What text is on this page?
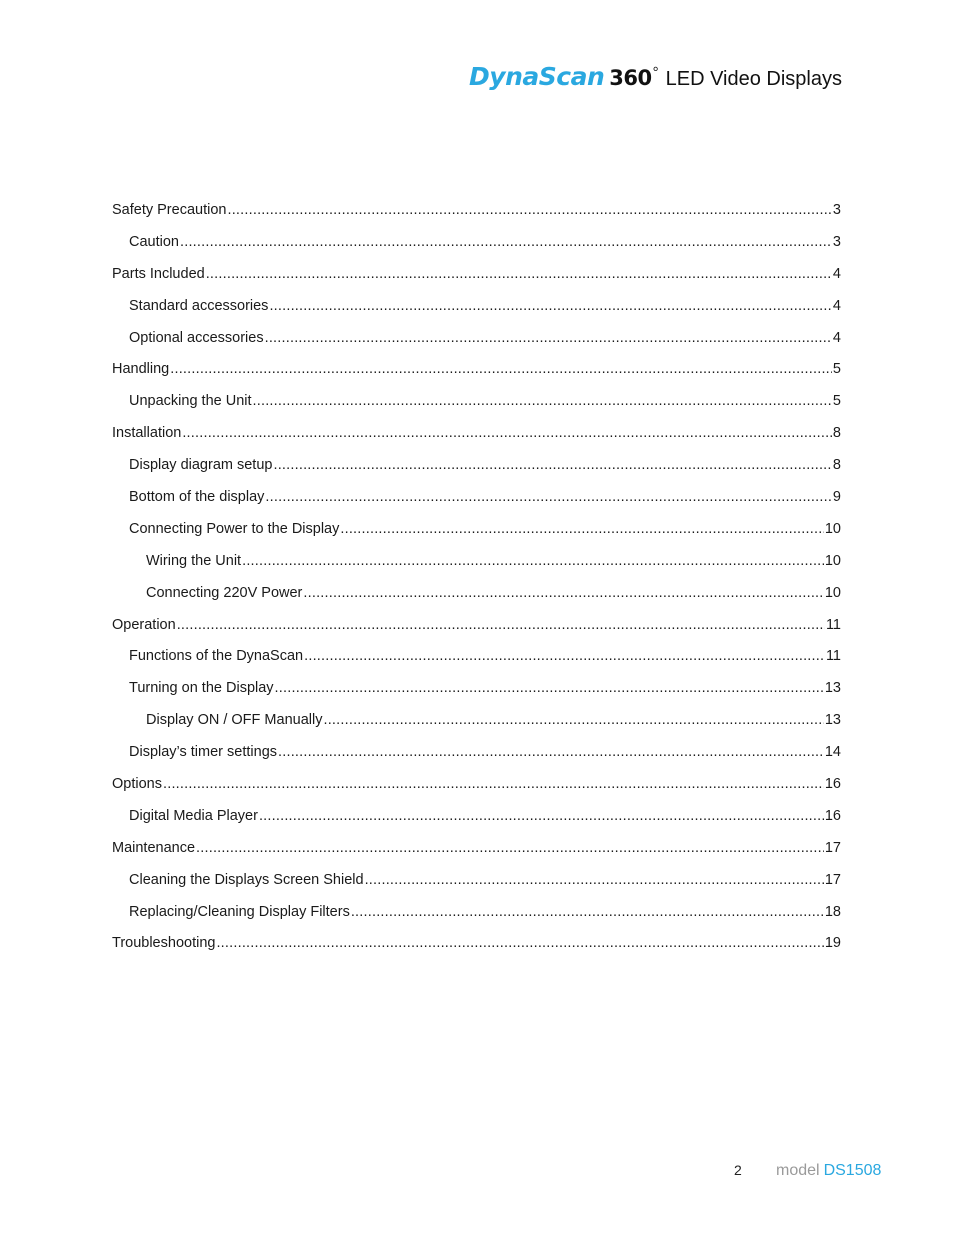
DynaScan 360 ° LED Video Displays
Safety Precaution .....	3
Caution .....	3
Parts Included .....	4
Standard accessories .....	4
Optional accessories .....	4
Handling .....	5
Unpacking the Unit .....	5
Installation .....	8
Display diagram setup .....	8
Bottom of the display .....	9
Connecting Power to the Display .....	10
Wiring the Unit .....	10
Connecting 220V Power .....	10
Operation .....	11
Functions of the DynaScan .....	11
Turning on the Display .....	13
Display ON / OFF Manually .....	13
Display’s timer settings .....	14
Options .....	16
Digital Media Player .....	16
Maintenance .....	17
Cleaning the Displays Screen Shield .....	17
Replacing/Cleaning Display Filters .....	18
Troubleshooting .....	19
2 model DS1508
